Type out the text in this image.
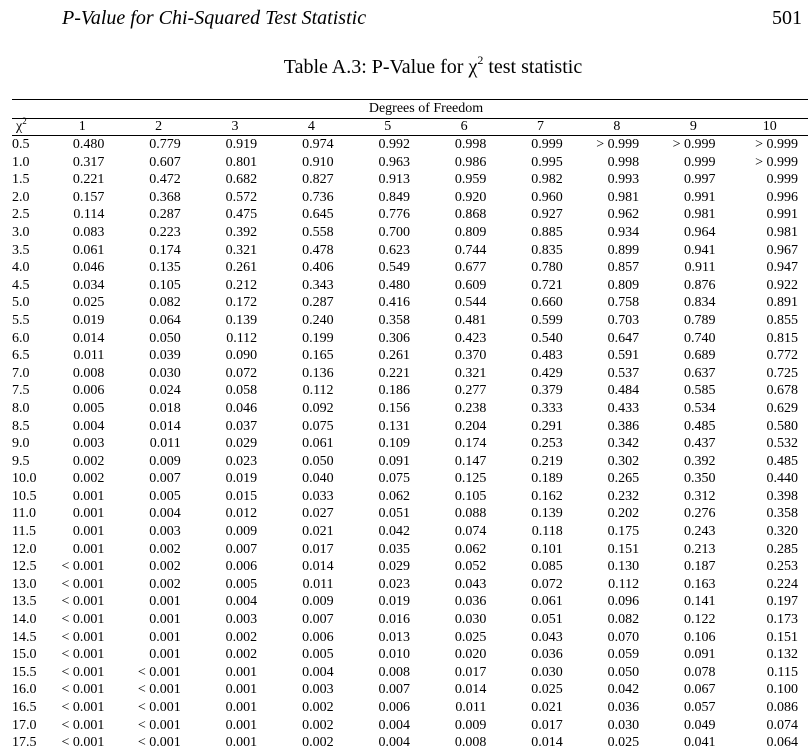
P-Value for Chi-Squared Test Statistic	501
Table A.3: P-Value for $\chi^2$ test statistic

	Degrees of Freedom									
$\chi^2$	1	2	3	4	5	6	7	8	9	10
0.5	0.480	0.779	0.919	0.974	0.992	0.998	0.999	> 0.999	> 0.999	> 0.999
1.0	0.317	0.607	0.801	0.910	0.963	0.986	0.995	0.998	0.999	> 0.999
1.5	0.221	0.472	0.682	0.827	0.913	0.959	0.982	0.993	0.997	0.999
2.0	0.157	0.368	0.572	0.736	0.849	0.920	0.960	0.981	0.991	0.996
2.5	0.114	0.287	0.475	0.645	0.776	0.868	0.927	0.962	0.981	0.991
3.0	0.083	0.223	0.392	0.558	0.700	0.809	0.885	0.934	0.964	0.981
3.5	0.061	0.174	0.321	0.478	0.623	0.744	0.835	0.899	0.941	0.967
4.0	0.046	0.135	0.261	0.406	0.549	0.677	0.780	0.857	0.911	0.947
4.5	0.034	0.105	0.212	0.343	0.480	0.609	0.721	0.809	0.876	0.922
5.0	0.025	0.082	0.172	0.287	0.416	0.544	0.660	0.758	0.834	0.891
5.5	0.019	0.064	0.139	0.240	0.358	0.481	0.599	0.703	0.789	0.855
6.0	0.014	0.050	0.112	0.199	0.306	0.423	0.540	0.647	0.740	0.815
6.5	0.011	0.039	0.090	0.165	0.261	0.370	0.483	0.591	0.689	0.772
7.0	0.008	0.030	0.072	0.136	0.221	0.321	0.429	0.537	0.637	0.725
7.5	0.006	0.024	0.058	0.112	0.186	0.277	0.379	0.484	0.585	0.678
8.0	0.005	0.018	0.046	0.092	0.156	0.238	0.333	0.433	0.534	0.629
8.5	0.004	0.014	0.037	0.075	0.131	0.204	0.291	0.386	0.485	0.580
9.0	0.003	0.011	0.029	0.061	0.109	0.174	0.253	0.342	0.437	0.532
9.5	0.002	0.009	0.023	0.050	0.091	0.147	0.219	0.302	0.392	0.485
10.0	0.002	0.007	0.019	0.040	0.075	0.125	0.189	0.265	0.350	0.440
10.5	0.001	0.005	0.015	0.033	0.062	0.105	0.162	0.232	0.312	0.398
11.0	0.001	0.004	0.012	0.027	0.051	0.088	0.139	0.202	0.276	0.358
11.5	0.001	0.003	0.009	0.021	0.042	0.074	0.118	0.175	0.243	0.320
12.0	0.001	0.002	0.007	0.017	0.035	0.062	0.101	0.151	0.213	0.285
12.5	< 0.001	0.002	0.006	0.014	0.029	0.052	0.085	0.130	0.187	0.253
13.0	< 0.001	0.002	0.005	0.011	0.023	0.043	0.072	0.112	0.163	0.224
13.5	< 0.001	0.001	0.004	0.009	0.019	0.036	0.061	0.096	0.141	0.197
14.0	< 0.001	0.001	0.003	0.007	0.016	0.030	0.051	0.082	0.122	0.173
14.5	< 0.001	0.001	0.002	0.006	0.013	0.025	0.043	0.070	0.106	0.151
15.0	< 0.001	0.001	0.002	0.005	0.010	0.020	0.036	0.059	0.091	0.132
15.5	< 0.001	< 0.001	0.001	0.004	0.008	0.017	0.030	0.050	0.078	0.115
16.0	< 0.001	< 0.001	0.001	0.003	0.007	0.014	0.025	0.042	0.067	0.100
16.5	< 0.001	< 0.001	0.001	0.002	0.006	0.011	0.021	0.036	0.057	0.086
17.0	< 0.001	< 0.001	0.001	0.002	0.004	0.009	0.017	0.030	0.049	0.074
17.5	< 0.001	< 0.001	0.001	0.002	0.004	0.008	0.014	0.025	0.041	0.064
